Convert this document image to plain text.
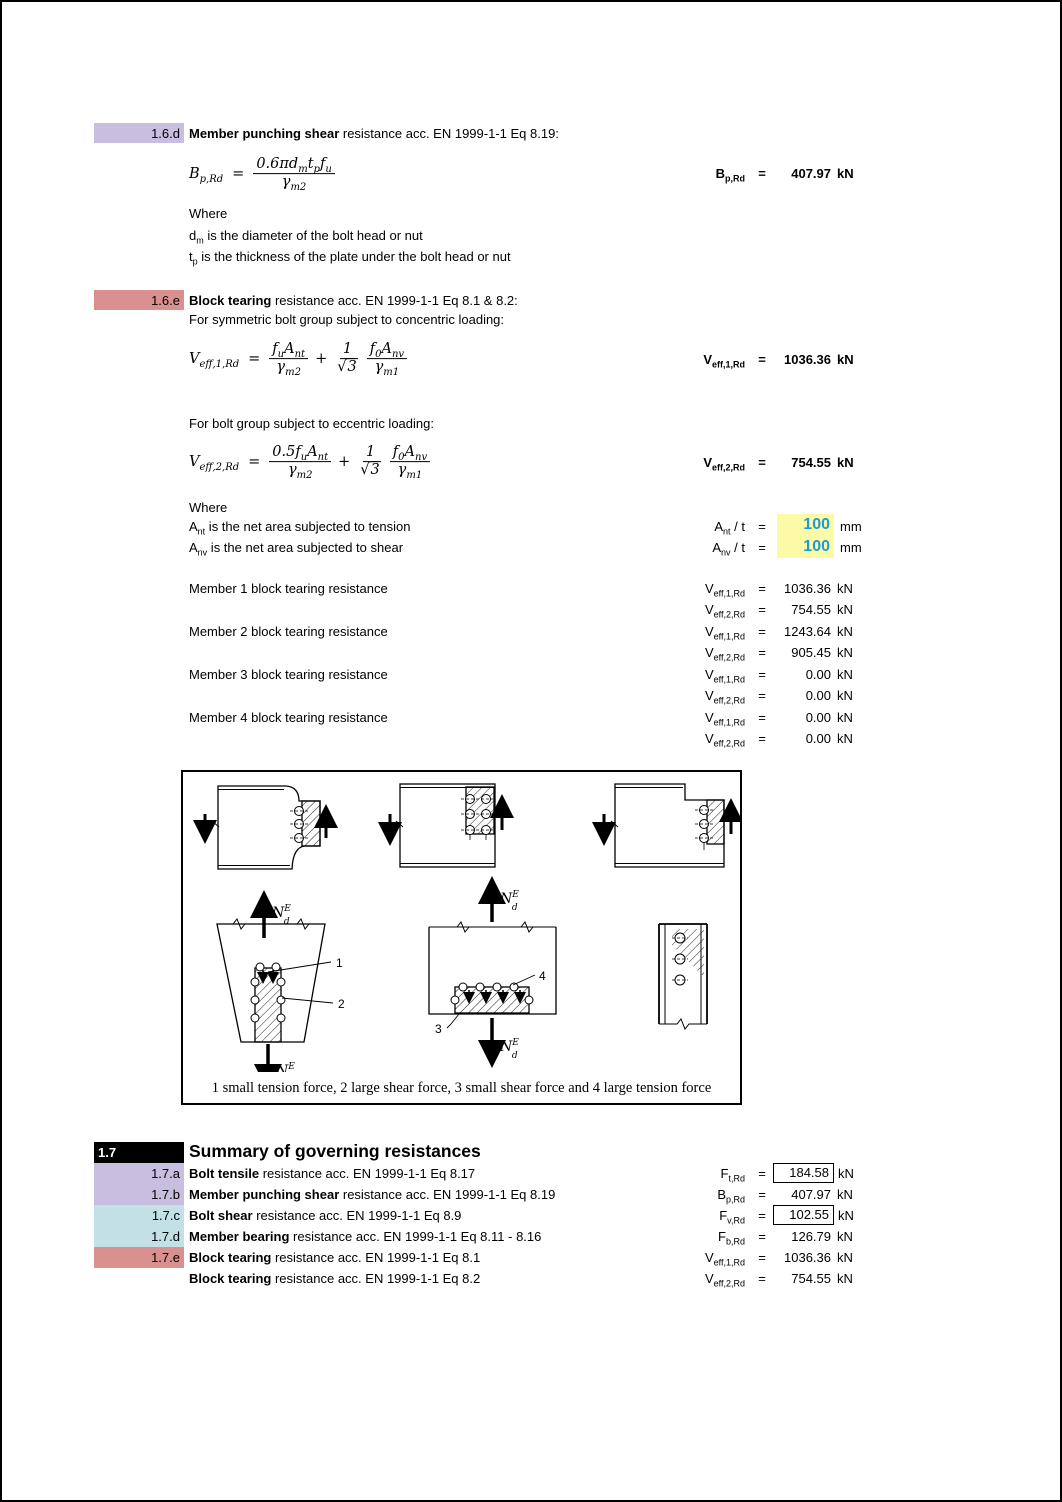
1.6.d Member punching shear resistance acc. EN 1999-1-1 Eq 8.19:
$B_{p,Rd} = \frac{0.6\pi d_mt_pf_u}{\gamma_{m2}}$	$B_{p,Rd}$	=	407.97 kN
Where
$d_m$ is the diameter of the bolt head or nut
$t_p$ is the thickness of the plate under the bolt head or nut
1.6.e Block tearing resistance acc. EN 1999-1-1 Eq 8.1 & 8.2:
For symmetric bolt group subject to concentric loading:
$V_{eff,1,Rd} = \frac{f_uA_{nt}}{\gamma_{m2}} + \frac{1}{√3} \frac{f_0A_{nv}}{\gamma_{m1}}$	$V_{eff,1,Rd}$	=	1036.36 kN
For bolt group subject to eccentric loading:
$V_{eff,2,Rd} = \frac{0.5f_uA_{nt}}{\gamma_{m2}} + \frac{1}{√3} \frac{f_0A_{nv}}{\gamma_{m1}}$	$V_{eff,2,Rd}$	=	754.55 kN
Where
$A_{nt}$ is the net area subjected to tension	$A_{nt}$ / t	= 100 mm
$A_{nv}$ is the net area subjected to shear	$A_{nv}$ / t	= 100 mm
Member 1 block tearing resistance	$V_{eff,1,Rd}$	=	1036.36 kN
$V_{eff,2,Rd}$	=	754.55 kN
Member 2 block tearing resistance	$V_{eff,1,Rd}$	=	1243.64 kN
$V_{eff,2,Rd}$	=	905.45 kN
Member 3 block tearing resistance	$V_{eff,1,Rd}$	=	0.00 kN
$V_{eff,2,Rd}$	=	0.00 kN
Member 4 block tearing resistance	$V_{eff,1,Rd}$	=	0.00 kN
$V_{eff,2,Rd}$	=	0.00 kN
1
2
$N^E$ d
$N^E$
4
3
$N^E$ d
$N^E$ d
1 small tension force, 2 large shear force, 3 small shear force and 4 large tension force
1.7	Summary of governing resistances
1.7.a Bolt tensile resistance acc. EN 1999-1-1 Eq 8.17	$F_{t,Rd}$	=	184.58 kN
1.7.b Member punching shear resistance acc. EN 1999-1-1 Eq 8.19	$B_{p,Rd}$	=	407.97 kN
1.7.c Bolt shear resistance acc. EN 1999-1-1 Eq 8.9	$F_{v,Rd}$	=	102.55 kN
1.7.d Member bearing resistance acc. EN 1999-1-1 Eq 8.11 - 8.16	$F_{b,Rd}$	=	126.79 kN
1.7.e Block tearing resistance acc. EN 1999-1-1 Eq 8.1	$V_{eff,1,Rd}$	=	1036.36 kN
Block tearing resistance acc. EN 1999-1-1 Eq 8.2	$V_{eff,2,Rd}$	=	754.55 kN
